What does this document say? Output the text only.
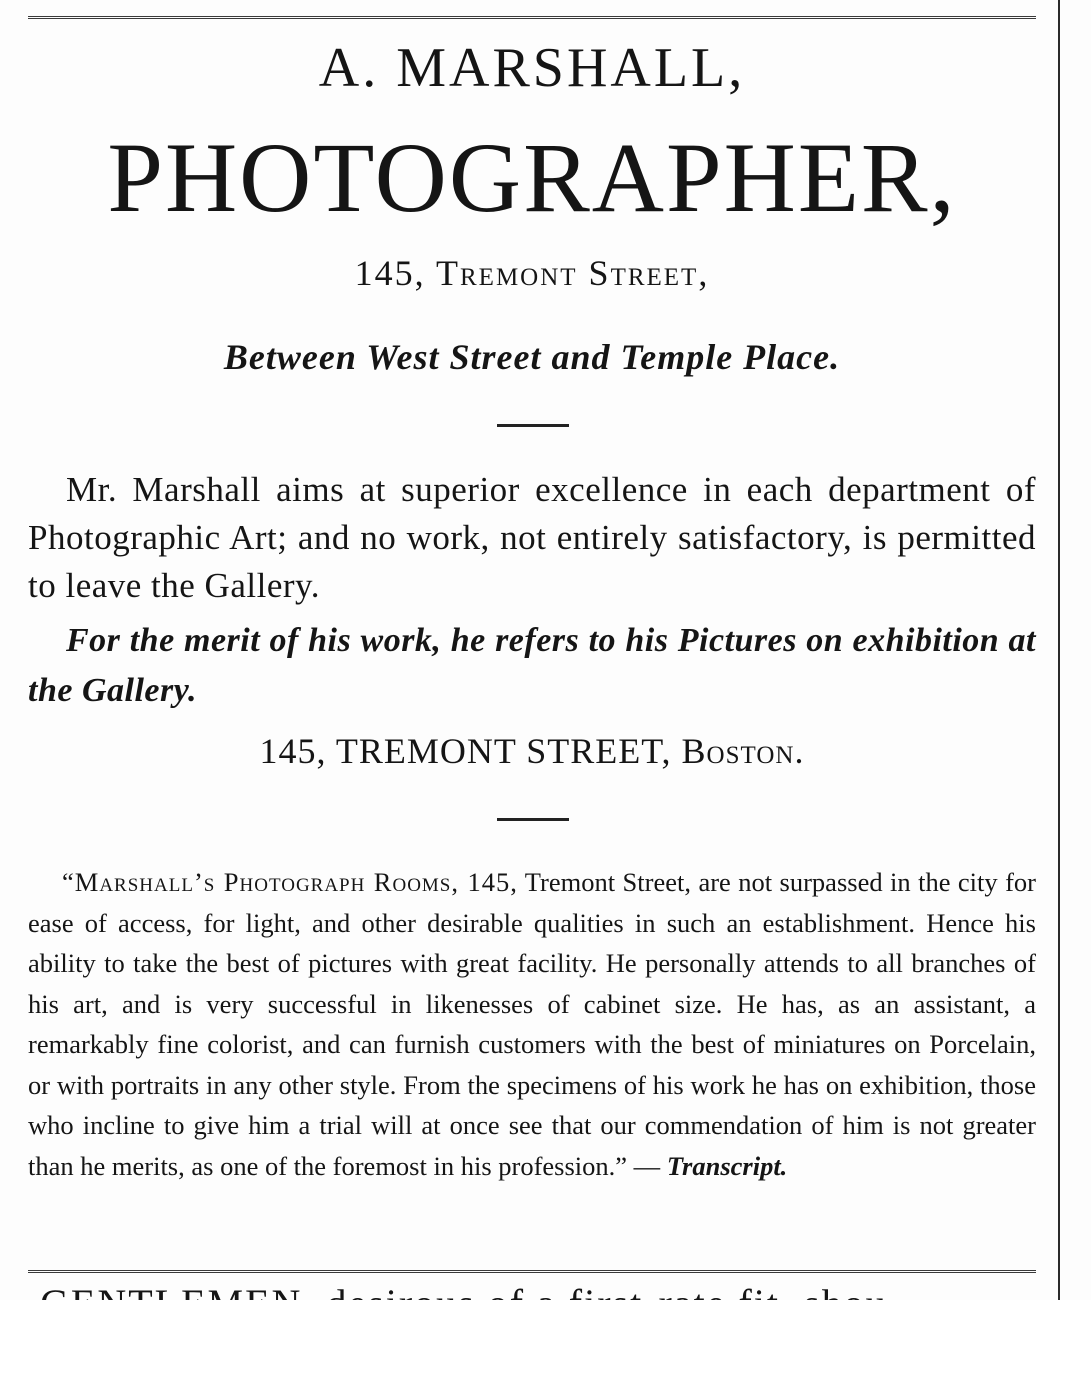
A. MARSHALL,
PHOTOGRAPHER,
145, Tremont Street,
Between West Street and Temple Place.
Mr. Marshall aims at superior excellence in each department of Photographic Art; and no work, not entirely satisfactory, is permitted to leave the Gallery.
For the merit of his work, he refers to his Pictures on exhibition at the Gallery.
145, TREMONT STREET, Boston.
“Marshall’s Photograph Rooms, 145, Tremont Street, are not surpassed in the city for ease of access, for light, and other desirable qualities in such an establishment. Hence his ability to take the best of pictures with great facility. He personally attends to all branches of his art, and is very successful in likenesses of cabinet size. He has, as an assistant, a remarkably fine colorist, and can furnish customers with the best of miniatures on Porcelain, or with portraits in any other style. From the specimens of his work he has on exhibition, those who incline to give him a trial will at once see that our commendation of him is not greater than he merits, as one of the foremost in his profession.” — Transcript.
